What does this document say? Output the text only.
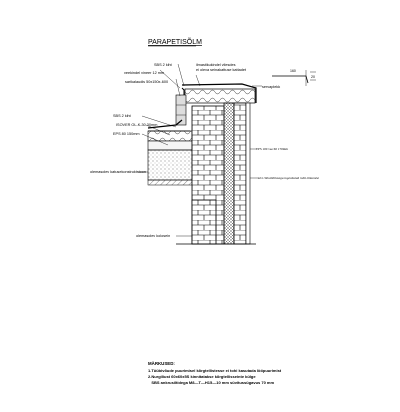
PARAPETISÕLM
160
20
SBS 2 kiht
veekindel vineer 12 mm
sarikalaudis 50x150x-600
SBS 2 kiht
ISOVER OL-K-30 30mm
EPS 80 150mm
olemasolev katusekonstruktsioon
olemasolev kolosein
ilmastikukindel vilesdes
ei oleva seinakattuse kattadet
servaplekk
EPS 100 vee 60 170mm
kivi rõhutöötlusega tugevdatud rohti-liikumise
MÄRKUSED:
1.Tüübivõude puurimisel kõrgtellistesse ei tohi kasutada lööpuurimist
2.Nurgiliust 60x60x5S kinnitatakse kõrgtellisseinte külge
SBS ankrusiltidega M8—T—H15—10 mm süvitussügavus 70 mm
